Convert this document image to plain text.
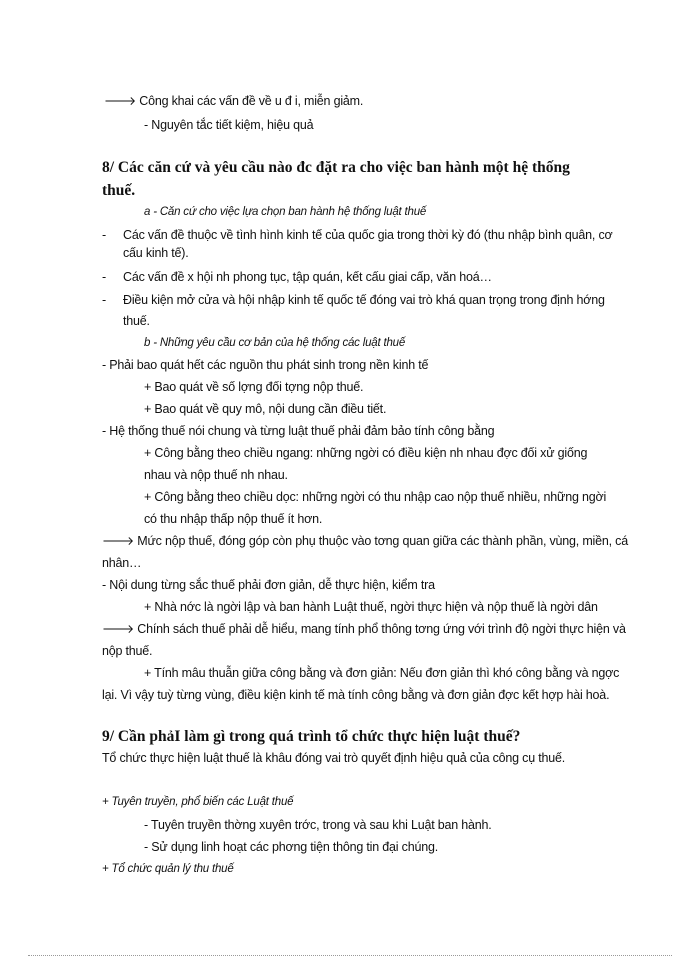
🡒 Công khai các vấn đề về u đ i, miễn giảm.
- Nguyên tắc tiết kiệm, hiệu quả
8/ Các căn cứ và yêu cầu nào đc đặt ra cho việc ban hành một hệ thống
thuế.
a - Căn cứ cho việc lựa chọn ban hành hệ thống luật thuế
- Các vấn đề thuộc về tình hình kinh tế của quốc gia trong thời kỳ đó (thu nhập bình quân, cơ
cấu kinh tế).
- Các vấn đề x hội nh phong tục, tập quán, kết cấu giai cấp, văn hoá…
- Điều kiện mở cửa và hội nhập kinh tế quốc tế đóng vai trò khá quan trọng trong định hớng
thuế.
b - Những yêu cầu cơ bản của hệ thống các luật thuế
- Phải bao quát hết các nguồn thu phát sinh trong nền kinh tế
+ Bao quát về số lợng đối tợng nộp thuế.
+ Bao quát về quy mô, nội dung cần điều tiết.
- Hệ thống thuế nói chung và từng luật thuế phải đảm bảo tính công bằng
+ Công bằng theo chiều ngang: những ngời có điều kiện nh nhau đợc đối xử giống
nhau và nộp thuế nh nhau.
+ Công bằng theo chiều dọc: những ngời có thu nhập cao nộp thuế nhiều, những ngời
có thu nhập thấp nộp thuế ít hơn.
🡒 Mức nộp thuế, đóng góp còn phụ thuộc vào tơng quan giữa các thành phần, vùng, miền, cá
nhân…
- Nội dung từng sắc thuế phải đơn giản, dễ thực hiện, kiểm tra
+ Nhà nớc là ngời lập và ban hành Luật thuế, ngời thực hiện và nộp thuế là ngời dân
🡒 Chính sách thuế phải dễ hiểu, mang tính phổ thông tơng ứng với trình độ ngời thực hiện và
nộp thuế.
+ Tính mâu thuẫn giữa công bằng và đơn giản: Nếu đơn giản thì khó công bằng và ngợc
lại. Vì vậy tuỳ từng vùng, điều kiện kinh tế mà tính công bằng và đơn giản đợc kết hợp hài hoà.
9/ Cần phảI làm gì trong quá trình tổ chức thực hiện luật thuế?
Tổ chức thực hiện luật thuế là khâu đóng vai trò quyết định hiệu quả của công cụ thuế.
+ Tuyên truyền, phổ biến các Luật thuế
- Tuyên truyền thờng xuyên trớc, trong và sau khi Luật ban hành.
- Sử dụng linh hoạt các phơng tiện thông tin đại chúng.
+ Tổ chức quản lý thu thuế
